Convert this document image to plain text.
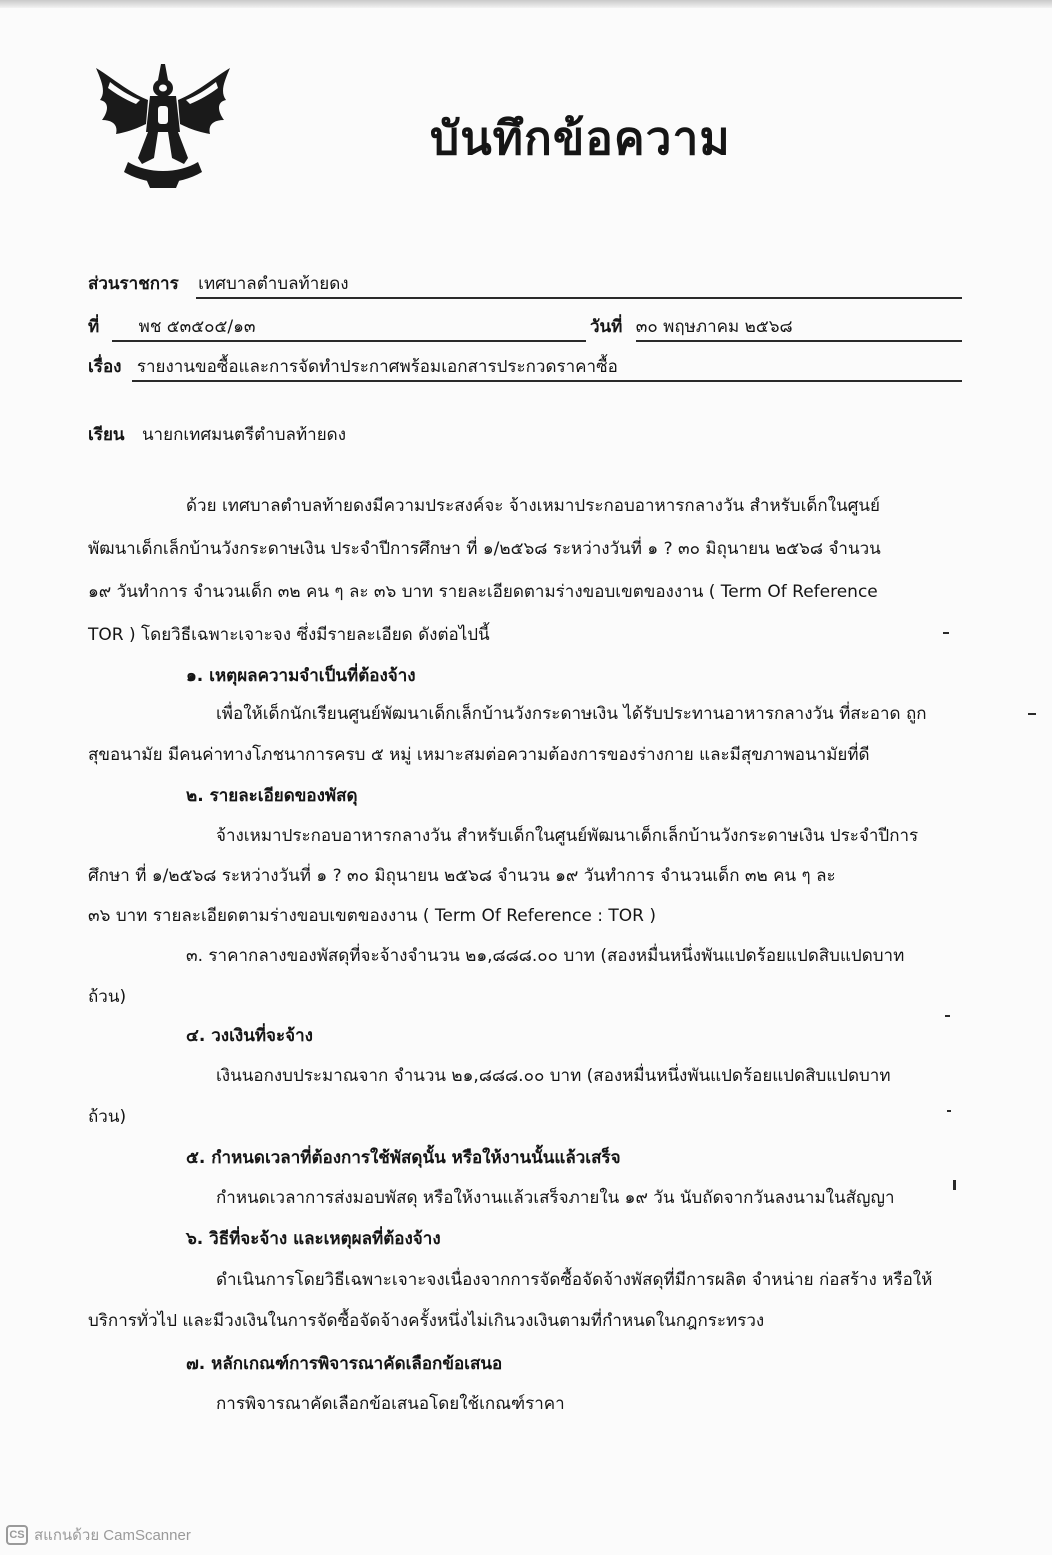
บันทึกข้อความ
ส่วนราชการ เทศบาลตำบลท้ายดง
ที่ พช ๕๓๕๐๕/๑๓	วันที่ ๓๐ พฤษภาคม ๒๕๖๘
เรื่อง รายงานขอซื้อและการจัดทำประกาศพร้อมเอกสารประกวดราคาซื้อ
เรียน นายกเทศมนตรีตำบลท้ายดง
ด้วย เทศบาลตำบลท้ายดงมีความประสงค์จะ จ้างเหมาประกอบอาหารกลางวัน สำหรับเด็กในศูนย์
พัฒนาเด็กเล็กบ้านวังกระดาษเงิน ประจำปีการศึกษา ที่ ๑/๒๕๖๘ ระหว่างวันที่ ๑ ? ๓๐ มิถุนายน ๒๕๖๘ จำนวน
๑๙ วันทำการ จำนวนเด็ก ๓๒ คน ๆ ละ ๓๖ บาท รายละเอียดตามร่างขอบเขตของงาน ( Term Of Reference
TOR ) โดยวิธีเฉพาะเจาะจง ซึ่งมีรายละเอียด ดังต่อไปนี้
๑. เหตุผลความจำเป็นที่ต้องจ้าง
เพื่อให้เด็กนักเรียนศูนย์พัฒนาเด็กเล็กบ้านวังกระดาษเงิน ได้รับประทานอาหารกลางวัน ที่สะอาด ถูก
สุขอนามัย มีคนค่าทางโภชนาการครบ ๕ หมู่ เหมาะสมต่อความต้องการของร่างกาย และมีสุขภาพอนามัยที่ดี
๒. รายละเอียดของพัสดุ
จ้างเหมาประกอบอาหารกลางวัน สำหรับเด็กในศูนย์พัฒนาเด็กเล็กบ้านวังกระดาษเงิน ประจำปีการ
ศึกษา ที่ ๑/๒๕๖๘ ระหว่างวันที่ ๑ ? ๓๐ มิถุนายน ๒๕๖๘ จำนวน ๑๙ วันทำการ จำนวนเด็ก ๓๒ คน ๆ ละ
๓๖ บาท รายละเอียดตามร่างขอบเขตของงาน ( Term Of Reference : TOR )
๓. ราคากลางของพัสดุที่จะจ้างจำนวน ๒๑,๘๘๘.๐๐ บาท (สองหมื่นหนึ่งพันแปดร้อยแปดสิบแปดบาท
ถ้วน)
๔. วงเงินที่จะจ้าง
เงินนอกงบประมาณจาก จำนวน ๒๑,๘๘๘.๐๐ บาท (สองหมื่นหนึ่งพันแปดร้อยแปดสิบแปดบาท
ถ้วน)
๕. กำหนดเวลาที่ต้องการใช้พัสดุนั้น หรือให้งานนั้นแล้วเสร็จ
กำหนดเวลาการส่งมอบพัสดุ หรือให้งานแล้วเสร็จภายใน ๑๙ วัน นับถัดจากวันลงนามในสัญญา
๖. วิธีที่จะจ้าง และเหตุผลที่ต้องจ้าง
ดำเนินการโดยวิธีเฉพาะเจาะจงเนื่องจากการจัดซื้อจัดจ้างพัสดุที่มีการผลิต จำหน่าย ก่อสร้าง หรือให้
บริการทั่วไป และมีวงเงินในการจัดซื้อจัดจ้างครั้งหนึ่งไม่เกินวงเงินตามที่กำหนดในกฎกระทรวง
๗. หลักเกณฑ์การพิจารณาคัดเลือกข้อเสนอ
การพิจารณาคัดเลือกข้อเสนอโดยใช้เกณฑ์ราคา
CS สแกนด้วย CamScanner
